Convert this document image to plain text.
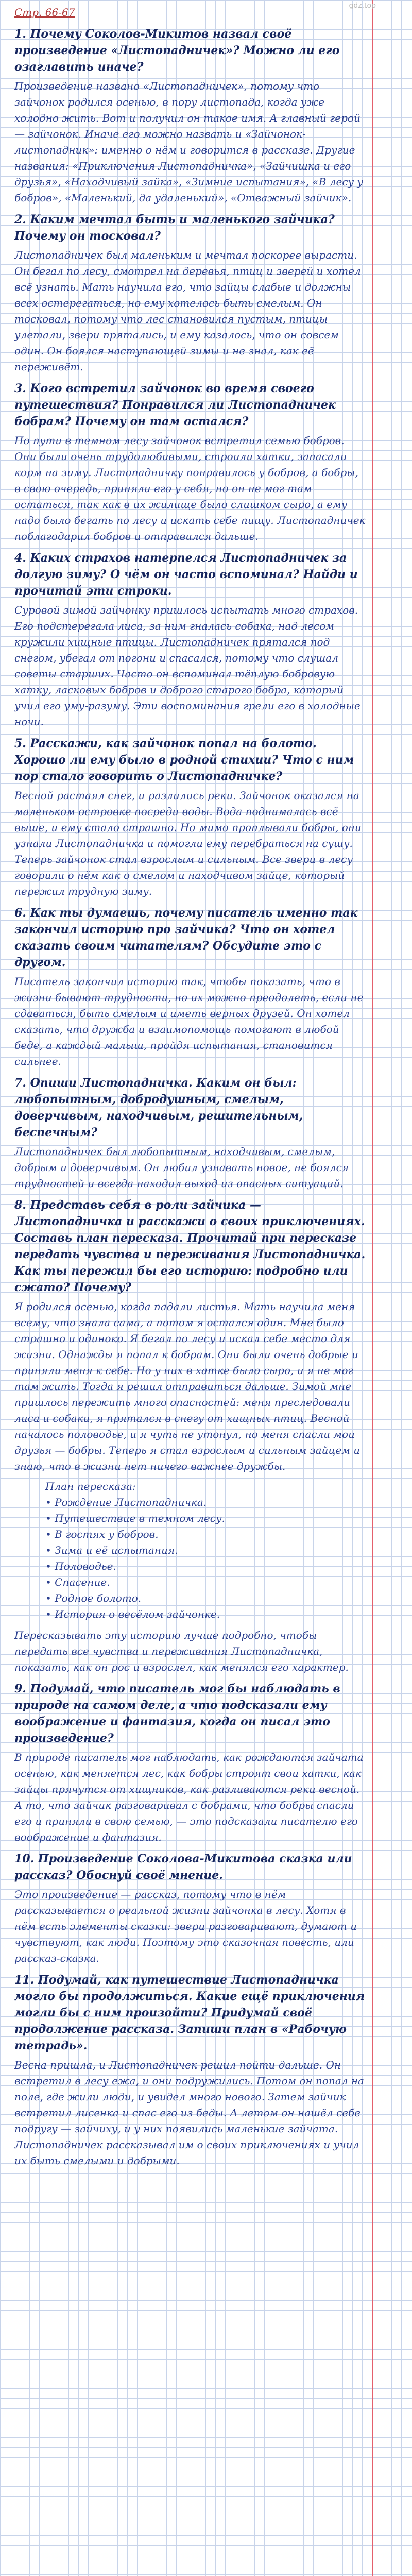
gdz.top
Стр. 66-67

1. Почему Соколов-Микитов назвал своё произведение «Листопадничек»? Можно ли его озаглавить иначе?

Произведение названо «Листопадничек», потому что зайчонок родился осенью, в пору листопада, когда уже холодно жить. Вот и получил он такое имя. А главный герой — зайчонок. Иначе его можно назвать и «Зайчонок-листопадник»: именно о нём и говорится в рассказе. Другие названия: «Приключения Листопадничка», «Зайчишка и его друзья», «Находчивый зайка», «Зимние испытания», «В лесу у бобров», «Маленький, да удаленький», «Отважный зайчик».

2. Каким мечтал быть и маленького зайчика? Почему он тосковал?

Листопадничек был маленьким и мечтал поскорее вырасти. Он бегал по лесу, смотрел на деревья, птиц и зверей и хотел всё узнать. Мать научила его, что зайцы слабые и должны всех остерегаться, но ему хотелось быть смелым. Он тосковал, потому что лес становился пустым, птицы улетали, звери прятались, и ему казалось, что он совсем один. Он боялся наступающей зимы и не знал, как её переживёт.

3. Кого встретил зайчонок во время своего путешествия? Понравился ли Листопадничек бобрам? Почему он там остался?

По пути в темном лесу зайчонок встретил семью бобров. Они были очень трудолюбивыми, строили хатки, запасали корм на зиму. Листопадничку понравилось у бобров, а бобры, в свою очередь, приняли его у себя, но он не мог там остаться, так как в их жилище было слишком сыро, а ему надо было бегать по лесу и искать себе пищу. Листопадничек поблагодарил бобров и отправился дальше.

4. Каких страхов натерпелся Листопадничек за долгую зиму? О чём он часто вспоминал? Найди и прочитай эти строки.

Суровой зимой зайчонку пришлось испытать много страхов. Его подстерегала лиса, за ним гналась собака, над лесом кружили хищные птицы. Листопадничек прятался под снегом, убегал от погони и спасался, потому что слушал советы старших. Часто он вспоминал тёплую бобровую хатку, ласковых бобров и доброго старого бобра, который учил его уму-разуму. Эти воспоминания грели его в холодные ночи.

5. Расскажи, как зайчонок попал на болото. Хорошо ли ему было в родной стихии? Что с ним пор стало говорить о Листопадничке?

Весной растаял снег, и разлились реки. Зайчонок оказался на маленьком островке посреди воды. Вода поднималась всё выше, и ему стало страшно. Но мимо проплывали бобры, они узнали Листопадничка и помогли ему перебраться на сушу. Теперь зайчонок стал взрослым и сильным. Все звери в лесу говорили о нём как о смелом и находчивом зайце, который пережил трудную зиму.

6. Как ты думаешь, почему писатель именно так закончил историю про зайчика? Что он хотел сказать своим читателям? Обсудите это с другом.

Писатель закончил историю так, чтобы показать, что в жизни бывают трудности, но их можно преодолеть, если не сдаваться, быть смелым и иметь верных друзей. Он хотел сказать, что дружба и взаимопомощь помогают в любой беде, а каждый малыш, пройдя испытания, становится сильнее.

7. Опиши Листопадничка. Каким он был: любопытным, добродушным, смелым, доверчивым, находчивым, решительным, беспечным?

Листопадничек был любопытным, находчивым, смелым, добрым и доверчивым. Он любил узнавать новое, не боялся трудностей и всегда находил выход из опасных ситуаций.

8. Представь себя в роли зайчика — Листопадничка и расскажи о своих приключениях. Составь план пересказа. Прочитай при пересказе передать чувства и переживания Листопадничка. Как ты пережил бы его историю: подробно или сжато? Почему?

Я родился осенью, когда падали листья. Мать научила меня всему, что знала сама, а потом я остался один. Мне было страшно и одиноко. Я бегал по лесу и искал себе место для жизни. Однажды я попал к бобрам. Они были очень добрые и приняли меня к себе. Но у них в хатке было сыро, и я не мог там жить. Тогда я решил отправиться дальше. Зимой мне пришлось пережить много опасностей: меня преследовали лиса и собаки, я прятался в снегу от хищных птиц. Весной началось половодье, и я чуть не утонул, но меня спасли мои друзья — бобры. Теперь я стал взрослым и сильным зайцем и знаю, что в жизни нет ничего важнее дружбы.

План пересказа:

• Рождение Листопадничка.
• Путешествие в темном лесу.
• В гостях у бобров.
• Зима и её испытания.
• Половодье.
• Спасение.
• Родное болото.
• История о весёлом зайчонке.

Пересказывать эту историю лучше подробно, чтобы передать все чувства и переживания Листопадничка, показать, как он рос и взрослел, как менялся его характер.

9. Подумай, что писатель мог бы наблюдать в природе на самом деле, а что подсказали ему воображение и фантазия, когда он писал это произведение?

В природе писатель мог наблюдать, как рождаются зайчата осенью, как меняется лес, как бобры строят свои хатки, как зайцы прячутся от хищников, как разливаются реки весной. А то, что зайчик разговаривал с бобрами, что бобры спасли его и приняли в свою семью, — это подсказали писателю его воображение и фантазия.

10. Произведение Соколова-Микитова сказка или рассказ? Обоснуй своё мнение.

Это произведение — рассказ, потому что в нём рассказывается о реальной жизни зайчонка в лесу. Хотя в нём есть элементы сказки: звери разговаривают, думают и чувствуют, как люди. Поэтому это сказочная повесть, или рассказ-сказка.

11. Подумай, как путешествие Листопадничка могло бы продолжиться. Какие ещё приключения могли бы с ним произойти? Придумай своё продолжение рассказа. Запиши план в «Рабочую тетрадь».

Весна пришла, и Листопадничек решил пойти дальше. Он встретил в лесу ежа, и они подружились. Потом он попал на поле, где жили люди, и увидел много нового. Затем зайчик встретил лисенка и спас его из беды. А летом он нашёл себе подругу — зайчиху, и у них появились маленькие зайчата. Листопадничек рассказывал им о своих приключениях и учил их быть смелыми и добрыми.
